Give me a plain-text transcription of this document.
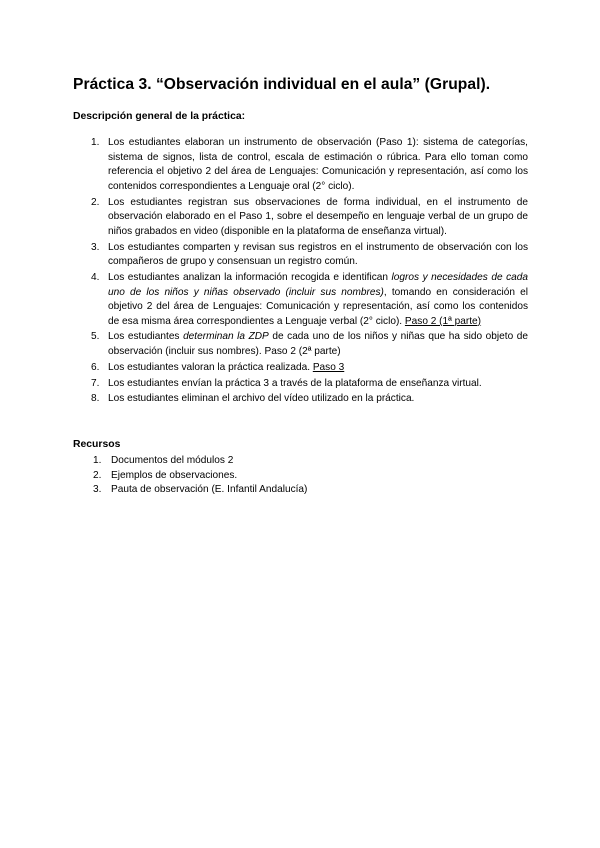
Práctica 3. “Observación individual en el aula” (Grupal).
Descripción general de la práctica:
1. Los estudiantes elaboran un instrumento de observación (Paso 1): sistema de categorías, sistema de signos, lista de control, escala de estimación o rúbrica. Para ello toman como referencia el objetivo 2 del área de Lenguajes: Comunicación y representación, así como los contenidos correspondientes a Lenguaje oral (2° ciclo).
2. Los estudiantes registran sus observaciones de forma individual, en el instrumento de observación elaborado en el Paso 1, sobre el desempeño en lenguaje verbal de un grupo de niños grabados en video (disponible en la plataforma de enseñanza virtual).
3. Los estudiantes comparten y revisan sus registros en el instrumento de observación con los compañeros de grupo y consensuan un registro común.
4. Los estudiantes analizan la información recogida e identifican logros y necesidades de cada uno de los niños y niñas observado (incluir sus nombres), tomando en consideración el objetivo 2 del área de Lenguajes: Comunicación y representación, así como los contenidos de esa misma área correspondientes a Lenguaje verbal (2° ciclo). Paso 2 (1ª parte)
5. Los estudiantes determinan la ZDP de cada uno de los niños y niñas que ha sido objeto de observación (incluir sus nombres). Paso 2 (2ª parte)
6. Los estudiantes valoran la práctica realizada. Paso 3
7. Los estudiantes envían la práctica 3 a través de la plataforma de enseñanza virtual.
8. Los estudiantes eliminan el archivo del vídeo utilizado en la práctica.
Recursos
1. Documentos del módulos 2
2. Ejemplos de observaciones.
3. Pauta de observación (E. Infantil Andalucía)
